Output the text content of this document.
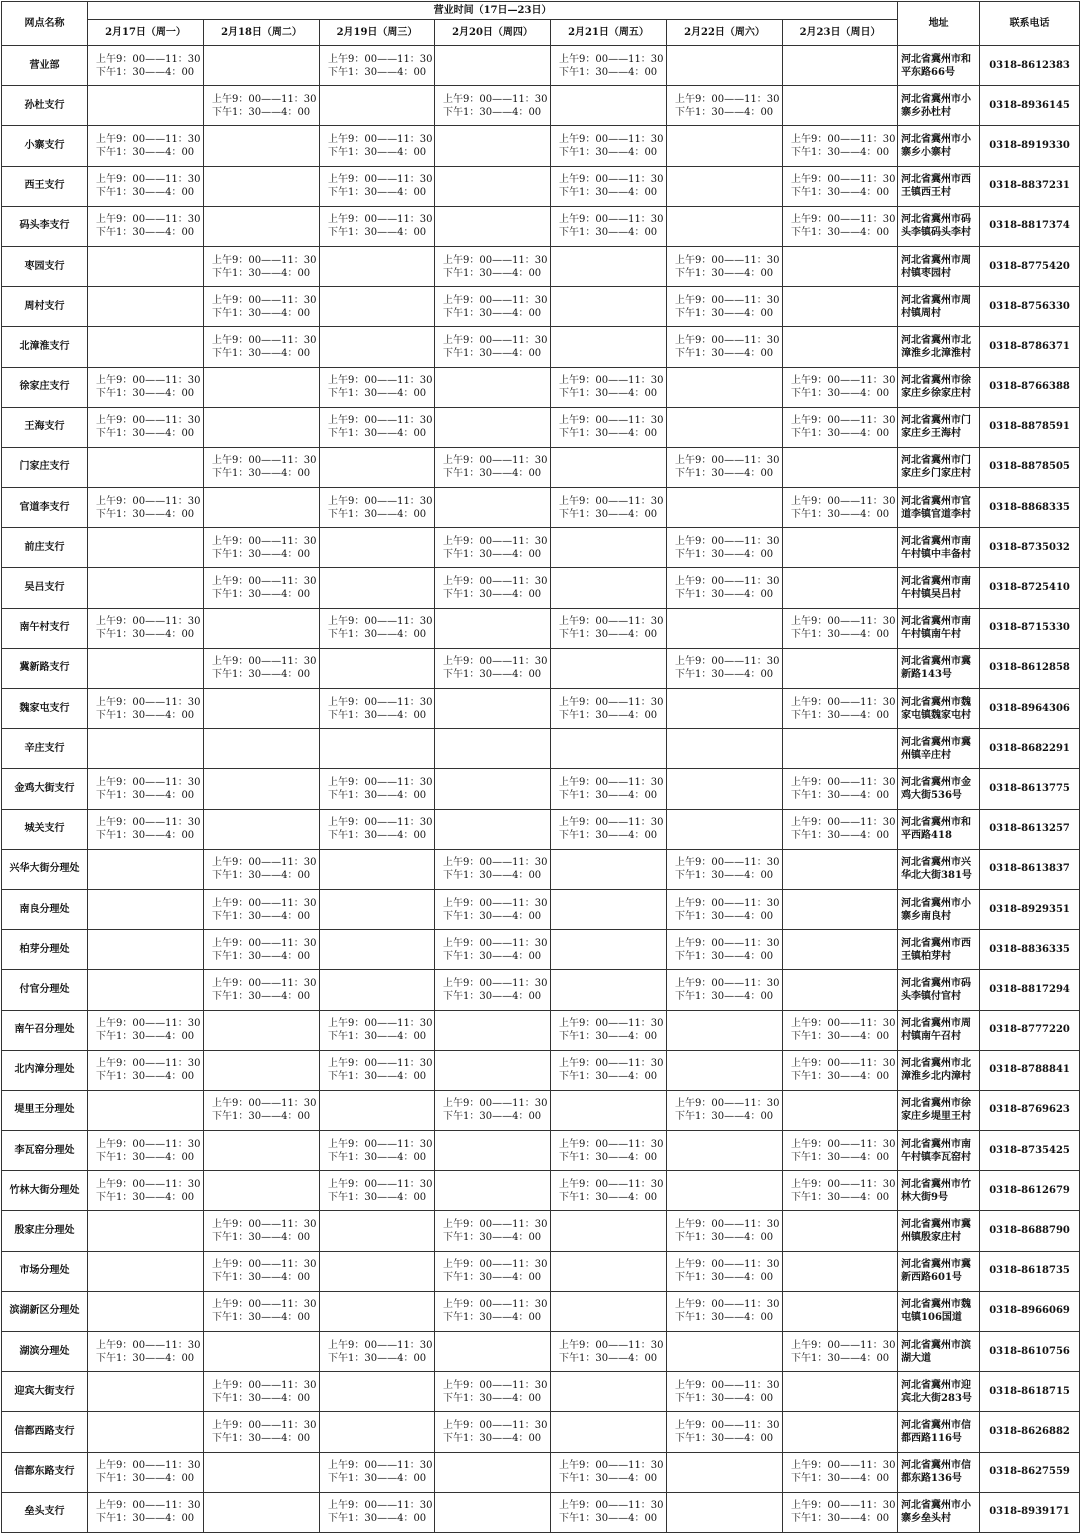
网点名称	营业时间（17日—23日）							地址	联系电话
	2月17日（周一）	2月18日（周二）	2月19日（周三）	2月20日（周四）	2月21日（周五）	2月22日（周六）	2月23日（周日）		
营业部	上午9：00——11：30
下午1：30——4：00		上午9：00——11：30
下午1：30——4：00		上午9：00——11：30
下午1：30——4：00			河北省冀州市和平东路66号	0318-8612383
孙杜支行		上午9：00——11：30
下午1：30——4：00		上午9：00——11：30
下午1：30——4：00		上午9：00——11：30
下午1：30——4：00		河北省冀州市小寨乡孙杜村	0318-8936145
小寨支行	上午9：00——11：30
下午1：30——4：00		上午9：00——11：30
下午1：30——4：00		上午9：00——11：30
下午1：30——4：00		上午9：00——11：30
下午1：30——4：00	河北省冀州市小寨乡小寨村	0318-8919330
西王支行	上午9：00——11：30
下午1：30——4：00		上午9：00——11：30
下午1：30——4：00		上午9：00——11：30
下午1：30——4：00		上午9：00——11：30
下午1：30——4：00	河北省冀州市西王镇西王村	0318-8837231
码头李支行	上午9：00——11：30
下午1：30——4：00		上午9：00——11：30
下午1：30——4：00		上午9：00——11：30
下午1：30——4：00		上午9：00——11：30
下午1：30——4：00	河北省冀州市码头李镇码头李村	0318-8817374
枣园支行		上午9：00——11：30
下午1：30——4：00		上午9：00——11：30
下午1：30——4：00		上午9：00——11：30
下午1：30——4：00		河北省冀州市周村镇枣园村	0318-8775420
周村支行		上午9：00——11：30
下午1：30——4：00		上午9：00——11：30
下午1：30——4：00		上午9：00——11：30
下午1：30——4：00		河北省冀州市周村镇周村	0318-8756330
北漳淮支行		上午9：00——11：30
下午1：30——4：00		上午9：00——11：30
下午1：30——4：00		上午9：00——11：30
下午1：30——4：00		河北省冀州市北漳淮乡北漳淮村	0318-8786371
徐家庄支行	上午9：00——11：30
下午1：30——4：00		上午9：00——11：30
下午1：30——4：00		上午9：00——11：30
下午1：30——4：00		上午9：00——11：30
下午1：30——4：00	河北省冀州市徐家庄乡徐家庄村	0318-8766388
王海支行	上午9：00——11：30
下午1：30——4：00		上午9：00——11：30
下午1：30——4：00		上午9：00——11：30
下午1：30——4：00		上午9：00——11：30
下午1：30——4：00	河北省冀州市门家庄乡王海村	0318-8878591
门家庄支行		上午9：00——11：30
下午1：30——4：00		上午9：00——11：30
下午1：30——4：00		上午9：00——11：30
下午1：30——4：00		河北省冀州市门家庄乡门家庄村	0318-8878505
官道李支行	上午9：00——11：30
下午1：30——4：00		上午9：00——11：30
下午1：30——4：00		上午9：00——11：30
下午1：30——4：00		上午9：00——11：30
下午1：30——4：00	河北省冀州市官道李镇官道李村	0318-8868335
前庄支行		上午9：00——11：30
下午1：30——4：00		上午9：00——11：30
下午1：30——4：00		上午9：00——11：30
下午1：30——4：00		河北省冀州市南午村镇中丰备村	0318-8735032
吴吕支行		上午9：00——11：30
下午1：30——4：00		上午9：00——11：30
下午1：30——4：00		上午9：00——11：30
下午1：30——4：00		河北省冀州市南午村镇吴吕村	0318-8725410
南午村支行	上午9：00——11：30
下午1：30——4：00		上午9：00——11：30
下午1：30——4：00		上午9：00——11：30
下午1：30——4：00		上午9：00——11：30
下午1：30——4：00	河北省冀州市南午村镇南午村	0318-8715330
冀新路支行		上午9：00——11：30
下午1：30——4：00		上午9：00——11：30
下午1：30——4：00		上午9：00——11：30
下午1：30——4：00		河北省冀州市冀新路143号	0318-8612858
魏家屯支行	上午9：00——11：30
下午1：30——4：00		上午9：00——11：30
下午1：30——4：00		上午9：00——11：30
下午1：30——4：00		上午9：00——11：30
下午1：30——4：00	河北省冀州市魏家屯镇魏家屯村	0318-8964306
辛庄支行								河北省冀州市冀州镇辛庄村	0318-8682291
金鸡大街支行	上午9：00——11：30
下午1：30——4：00		上午9：00——11：30
下午1：30——4：00		上午9：00——11：30
下午1：30——4：00		上午9：00——11：30
下午1：30——4：00	河北省冀州市金鸡大街536号	0318-8613775
城关支行	上午9：00——11：30
下午1：30——4：00		上午9：00——11：30
下午1：30——4：00		上午9：00——11：30
下午1：30——4：00		上午9：00——11：30
下午1：30——4：00	河北省冀州市和平西路418	0318-8613257
兴华大街分理处		上午9：00——11：30
下午1：30——4：00		上午9：00——11：30
下午1：30——4：00		上午9：00——11：30
下午1：30——4：00		河北省冀州市兴华北大街381号	0318-8613837
南良分理处		上午9：00——11：30
下午1：30——4：00		上午9：00——11：30
下午1：30——4：00		上午9：00——11：30
下午1：30——4：00		河北省冀州市小寨乡南良村	0318-8929351
柏芽分理处		上午9：00——11：30
下午1：30——4：00		上午9：00——11：30
下午1：30——4：00		上午9：00——11：30
下午1：30——4：00		河北省冀州市西王镇柏芽村	0318-8836335
付官分理处		上午9：00——11：30
下午1：30——4：00		上午9：00——11：30
下午1：30——4：00		上午9：00——11：30
下午1：30——4：00		河北省冀州市码头李镇付官村	0318-8817294
南午召分理处	上午9：00——11：30
下午1：30——4：00		上午9：00——11：30
下午1：30——4：00		上午9：00——11：30
下午1：30——4：00		上午9：00——11：30
下午1：30——4：00	河北省冀州市周村镇南午召村	0318-8777220
北内漳分理处	上午9：00——11：30
下午1：30——4：00		上午9：00——11：30
下午1：30——4：00		上午9：00——11：30
下午1：30——4：00		上午9：00——11：30
下午1：30——4：00	河北省冀州市北漳淮乡北内漳村	0318-8788841
堤里王分理处		上午9：00——11：30
下午1：30——4：00		上午9：00——11：30
下午1：30——4：00		上午9：00——11：30
下午1：30——4：00		河北省冀州市徐家庄乡堤里王村	0318-8769623
李瓦窑分理处	上午9：00——11：30
下午1：30——4：00		上午9：00——11：30
下午1：30——4：00		上午9：00——11：30
下午1：30——4：00		上午9：00——11：30
下午1：30——4：00	河北省冀州市南午村镇李瓦窑村	0318-8735425
竹林大街分理处	上午9：00——11：30
下午1：30——4：00		上午9：00——11：30
下午1：30——4：00		上午9：00——11：30
下午1：30——4：00		上午9：00——11：30
下午1：30——4：00	河北省冀州市竹林大街9号	0318-8612679
殷家庄分理处		上午9：00——11：30
下午1：30——4：00		上午9：00——11：30
下午1：30——4：00		上午9：00——11：30
下午1：30——4：00		河北省冀州市冀州镇殷家庄村	0318-8688790
市场分理处		上午9：00——11：30
下午1：30——4：00		上午9：00——11：30
下午1：30——4：00		上午9：00——11：30
下午1：30——4：00		河北省冀州市冀新西路601号	0318-8618735
滨湖新区分理处		上午9：00——11：30
下午1：30——4：00		上午9：00——11：30
下午1：30——4：00		上午9：00——11：30
下午1：30——4：00		河北省冀州市魏屯镇106国道	0318-8966069
湖滨分理处	上午9：00——11：30
下午1：30——4：00		上午9：00——11：30
下午1：30——4：00		上午9：00——11：30
下午1：30——4：00		上午9：00——11：30
下午1：30——4：00	河北省冀州市滨湖大道	0318-8610756
迎宾大街支行		上午9：00——11：30
下午1：30——4：00		上午9：00——11：30
下午1：30——4：00		上午9：00——11：30
下午1：30——4：00		河北省冀州市迎宾北大街283号	0318-8618715
信都西路支行		上午9：00——11：30
下午1：30——4：00		上午9：00——11：30
下午1：30——4：00		上午9：00——11：30
下午1：30——4：00		河北省冀州市信都西路116号	0318-8626882
信都东路支行	上午9：00——11：30
下午1：30——4：00		上午9：00——11：30
下午1：30——4：00		上午9：00——11：30
下午1：30——4：00		上午9：00——11：30
下午1：30——4：00	河北省冀州市信都东路136号	0318-8627559
垒头支行	上午9：00——11：30
下午1：30——4：00		上午9：00——11：30
下午1：30——4：00		上午9：00——11：30
下午1：30——4：00		上午9：00——11：30
下午1：30——4：00	河北省冀州市小寨乡垒头村	0318-8939171
